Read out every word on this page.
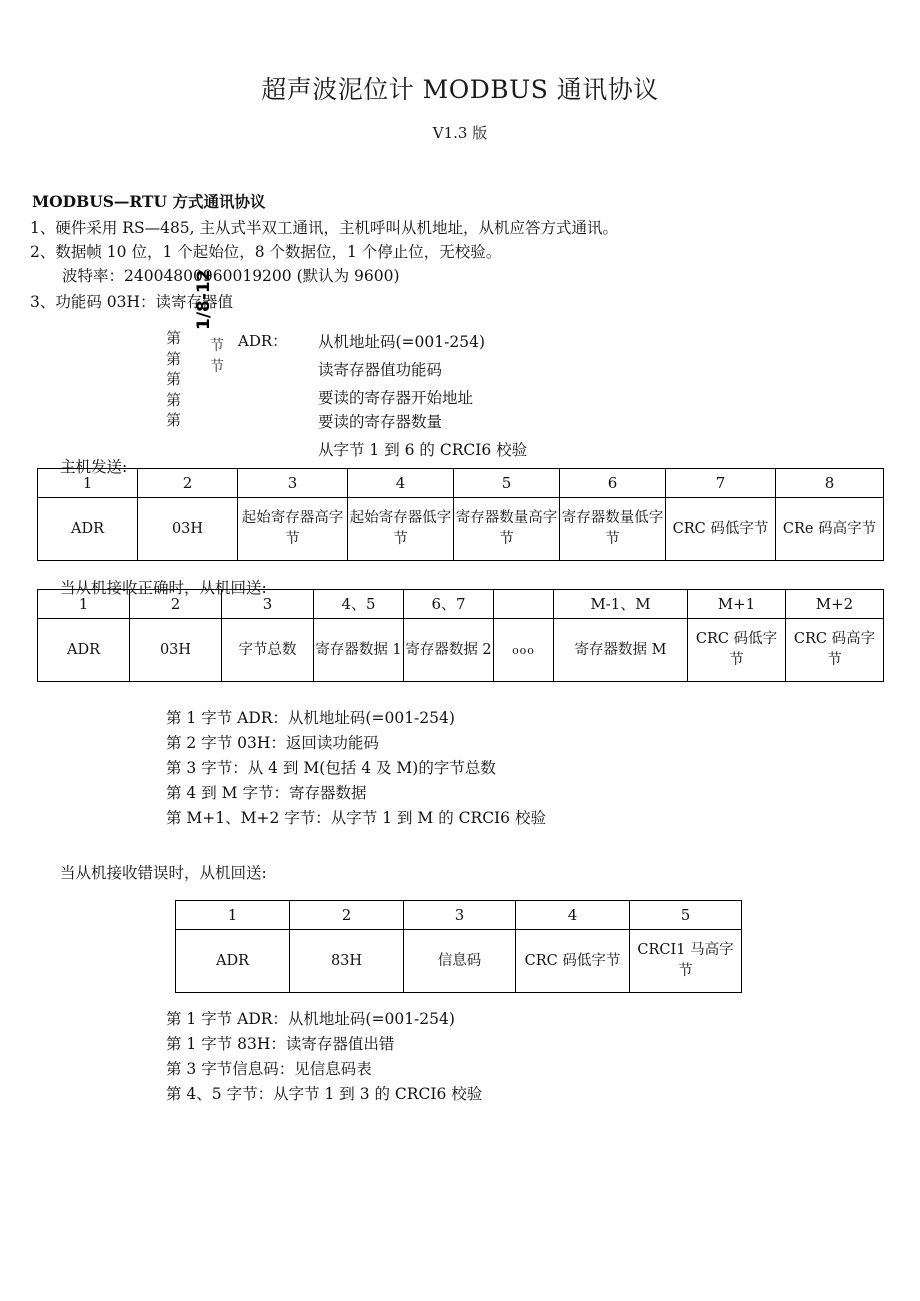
超声波泥位计 MODBUS 通讯协议
V1.3 版
MODBUS—RTU 方式通讯协议
1、硬件采用 RS—485, 主从式半双工通讯，主机呼叫从机地址，从机应答方式通讯。
2、数据帧 10 位，1 个起始位，8 个数据位，1 个停止位，无校验。
波特率：24004800960019200 (默认为 9600)
3、功能码 03H：读寄存器值
第
第
第
第
第
1/8-12
节
节
ADR： 从机地址码(=001-254)
读寄存器值功能码
要读的寄存器开始地址
要读的寄存器数量
从字节 1 到 6 的 CRCI6 校验
主机发送:
1	2	3	4	5	6	7	8
ADR	03H	起始寄存器高字节	起始寄存器低字节	寄存器数量高字节	寄存器数量低字节	CRC 码低字节	CRe 码高字节
当从机接收正确时，从机回送:
1	2	3	4、5	6、7		M-1、M	M+1	M+2
ADR	03H	字节总数	寄存器数据 1	寄存器数据 2	ooo	寄存器数据 M	CRC 码低字节	CRC 码高字节
第 1 字节 ADR：从机地址码(=001-254)
第 2 字节 03H：返回读功能码
第 3 字节：从 4 到 M(包括 4 及 M)的字节总数
第 4 到 M 字节：寄存器数据
第 M+1、M+2 字节：从字节 1 到 M 的 CRCI6 校验
当从机接收错误时，从机回送:
1	2	3	4	5
ADR	83H	信息码	CRC 码低字节	CRCI1 马高字节
第 1 字节 ADR：从机地址码(=001-254)
第 1 字节 83H：读寄存器值出错
第 3 字节信息码：见信息码表
第 4、5 字节：从字节 1 到 3 的 CRCI6 校验
